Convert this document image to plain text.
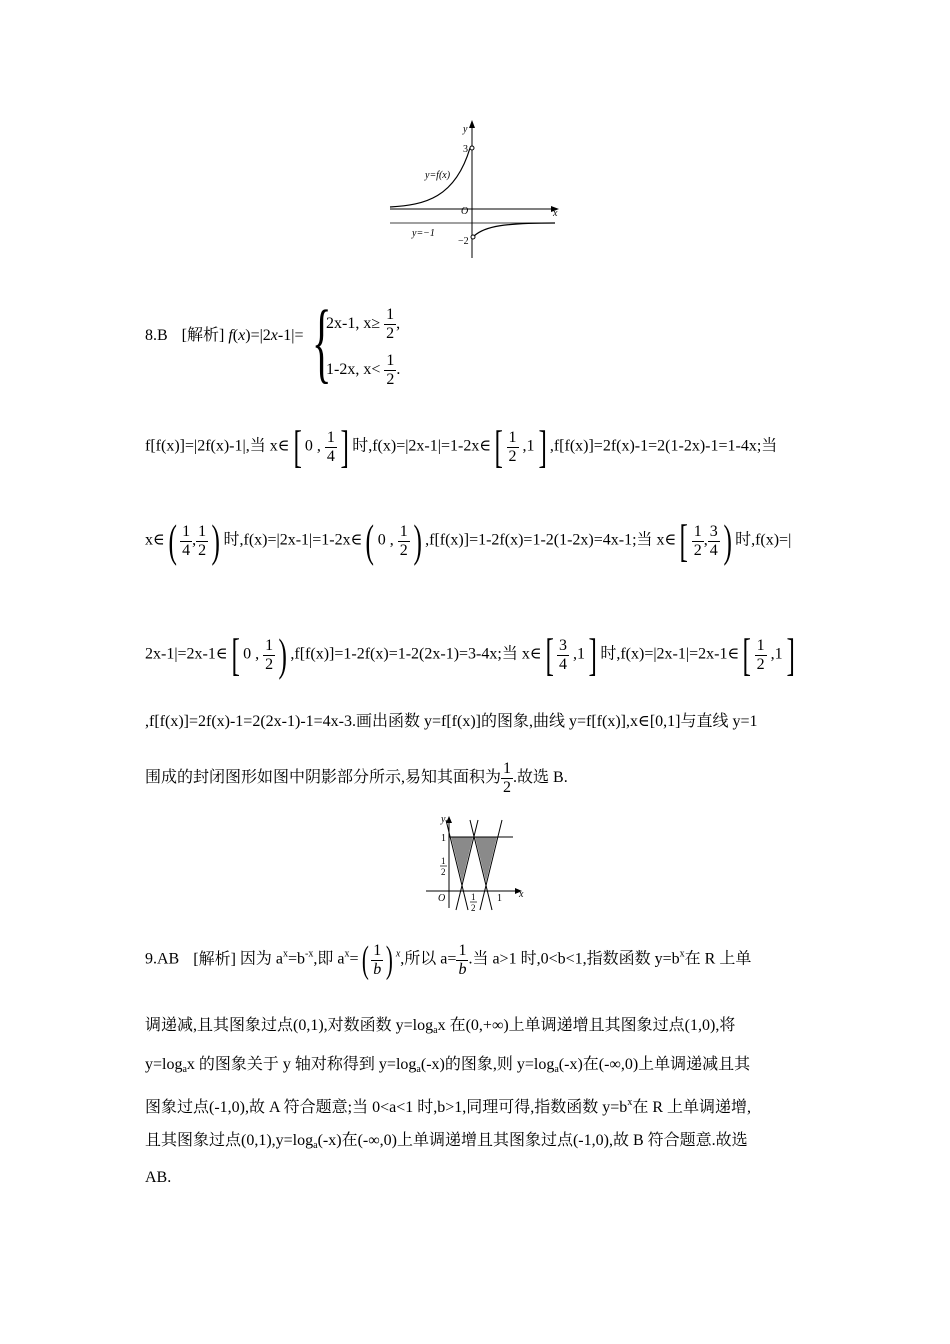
y
x
O
3
−2
y=f(x)
y=−1
8.B [解析] f(x)=|2x-1|= {
2x-1, $x\ge \frac{1}{2}$ ,
1-2x, $x< \frac{1}{2}$ .
f[f(x)]=|2f(x)-1|,当 x∈[ 0 , $\frac{1}{4}$ ] 时,f(x)=|2x-1|=1-2x∈[ $\frac{1}{2} ,1$] ,f[f(x)]=2f(x)-1=2(1-2x)-1=1-4x;当
x∈( $\frac{1}{4}$ , $\frac{1}{2}$ ) 时,f(x)=|2x-1|=1-2x∈( 0 , $\frac{1}{2}$ ) ,f[f(x)]=1-2f(x)=1-2(1-2x)=4x-1;当 x∈[ $\frac{1}{2}$ , $\frac{3}{4}$ ) 时,f(x)=|
2x-1|=2x-1∈[ 0 , $\frac{1}{2}$ ) ,f[f(x)]=1-2f(x)=1-2(2x-1)=3-4x;当 x∈[ $\frac{3}{4} ,1$] 时,f(x)=|2x-1|=2x-1∈[ $\frac{1}{2} ,1$]
,f[f(x)]=2f(x)-1=2(2x-1)-1=4x-3.画出函数 y=f[f(x)]的图象,曲线 y=f[f(x)],x∈[0,1]与直线 y=1
围成的封闭图形如图中阴影部分所示,易知其面积为 $\frac{1}{2}$ .故选 B.
y
x
O
1
1
2
1
2
1
9.AB [解析] 因为 $a^x=b^{-x}$,即 $a^x=( \frac{1}{b}$ ) $^x$,所以 $a= \frac{1}{b}$ .当 a>1 时,0<b<1,指数函数 $y=b^x$在 R 上单
调递减,且其图象过点(0,1),对数函数 $y=\log_ax$ 在(0,+∞)上单调递增且其图象过点(1,0),将
$y=\log_ax$ 的图象关于 y 轴对称得到 $y=\log_a(-x)$的图象,则 $y=\log_a(-x)$在(-∞,0)上单调递减且其
图象过点(-1,0),故 A 符合题意;当 0<a<1 时,b>1,同理可得,指数函数 $y=b^x$在 R 上单调递增,
且其图象过点$(0,1),y=\log_a(-x)$在(-∞,0)上单调递增且其图象过点(-1,0),故 B 符合题意.故选
AB.
